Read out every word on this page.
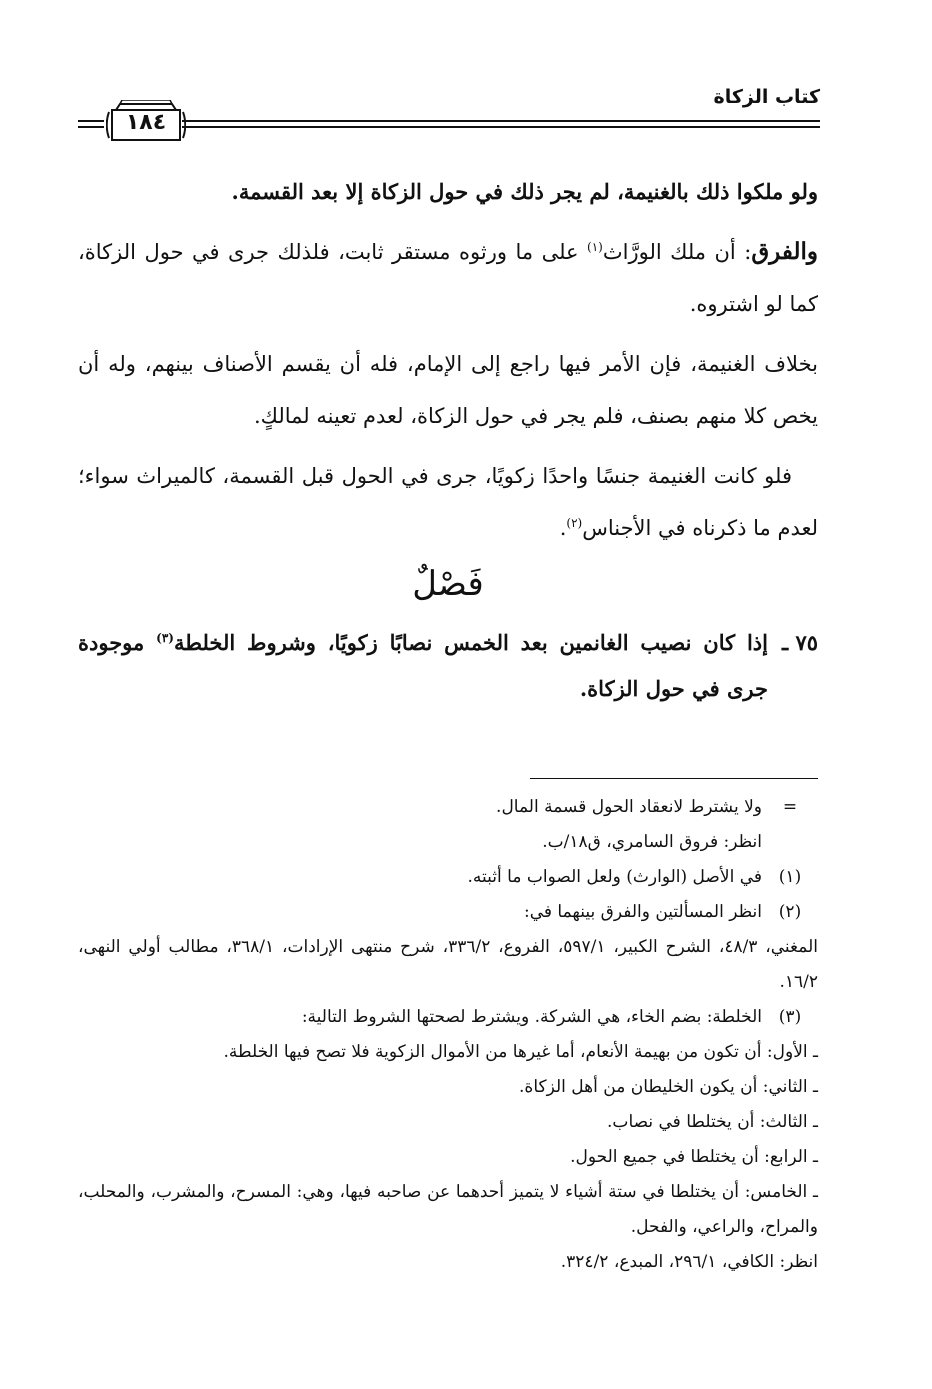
كتاب الزكاة
١٨٤

ولو ملكوا ذلك بالغنيمة، لم يجر ذلك في حول الزكاة إلا بعد القسمة.

والفرق: أن ملك الورَّاث$^{(١)}$ على ما ورثوه مستقر ثابت، فلذلك جرى في حول الزكاة، كما لو اشتروه.

بخلاف الغنيمة، فإن الأمر فيها راجع إلى الإمام، فله أن يقسم الأصناف بينهم، وله أن يخص كلا منهم بصنف، فلم يجر في حول الزكاة، لعدم تعينه لمالكٍ.

فلو كانت الغنيمة جنسًا واحدًا زكويًا، جرى في الحول قبل القسمة، كالميراث سواء؛ لعدم ما ذكرناه في الأجناس$^{(٢)}$.

فَصْلٌ
٧٥ ـ
إذا كان نصيب الغانمين بعد الخمس نصابًا زكويًا، وشروط الخلطة$^{(٣)}$ موجودة جرى في حول الزكاة.
=
ولا يشترط لانعقاد الحول قسمة المال.
انظر: فروق السامري، ق١٨/ب.
(١)
في الأصل (الوارث) ولعل الصواب ما أثبته.
(٢)
انظر المسألتين والفرق بينهما في:
المغني، ٤٨/٣، الشرح الكبير، ٥٩٧/١، الفروع، ٣٣٦/٢، شرح منتهى الإرادات، ٣٦٨/١، مطالب أولي النهى، ١٦/٢.
(٣)
الخلطة: بضم الخاء، هي الشركة. ويشترط لصحتها الشروط التالية:
ـ الأول: أن تكون من بهيمة الأنعام، أما غيرها من الأموال الزكوية فلا تصح فيها الخلطة.
ـ الثاني: أن يكون الخليطان من أهل الزكاة.
ـ الثالث: أن يختلطا في نصاب.
ـ الرابع: أن يختلطا في جميع الحول.
ـ الخامس: أن يختلطا في ستة أشياء لا يتميز أحدهما عن صاحبه فيها، وهي: المسرح، والمشرب، والمحلب، والمراح، والراعي، والفحل.
انظر: الكافي، ٢٩٦/١، المبدع، ٣٢٤/٢.
